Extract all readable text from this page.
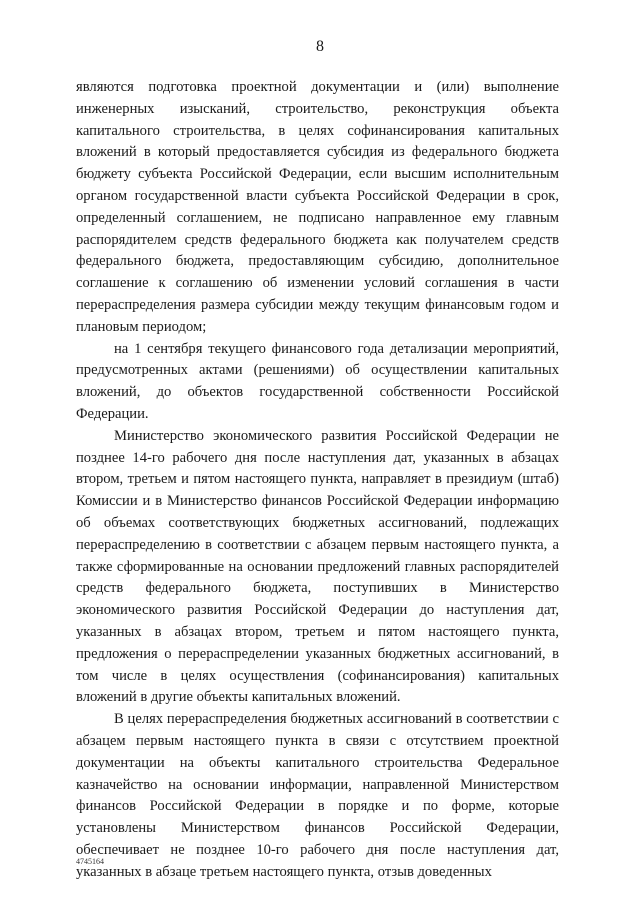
8

являются подготовка проектной документации и (или) выполнение инженерных изысканий, строительство, реконструкция объекта капитального строительства, в целях софинансирования капитальных вложений в который предоставляется субсидия из федерального бюджета бюджету субъекта Российской Федерации, если высшим исполнительным органом государственной власти субъекта Российской Федерации в срок, определенный соглашением, не подписано направленное ему главным распорядителем средств федерального бюджета как получателем средств федерального бюджета, предоставляющим субсидию, дополнительное соглашение к соглашению об изменении условий соглашения в части перераспределения размера субсидии между текущим финансовым годом и плановым периодом;

на 1 сентября текущего финансового года детализации мероприятий, предусмотренных актами (решениями) об осуществлении капитальных вложений, до объектов государственной собственности Российской Федерации.

Министерство экономического развития Российской Федерации не позднее 14-го рабочего дня после наступления дат, указанных в абзацах втором, третьем и пятом настоящего пункта, направляет в президиум (штаб) Комиссии и в Министерство финансов Российской Федерации информацию об объемах соответствующих бюджетных ассигнований, подлежащих перераспределению в соответствии с абзацем первым настоящего пункта, а также сформированные на основании предложений главных распорядителей средств федерального бюджета, поступивших в Министерство экономического развития Российской Федерации до наступления дат, указанных в абзацах втором, третьем и пятом настоящего пункта, предложения о перераспределении указанных бюджетных ассигнований, в том числе в целях осуществления (софинансирования) капитальных вложений в другие объекты капитальных вложений.

В целях перераспределения бюджетных ассигнований в соответствии с абзацем первым настоящего пункта в связи с отсутствием проектной документации на объекты капитального строительства Федеральное казначейство на основании информации, направленной Министерством финансов Российской Федерации в порядке и по форме, которые установлены Министерством финансов Российской Федерации, обеспечивает не позднее 10-го рабочего дня после наступления дат, указанных в абзаце третьем настоящего пункта, отзыв доведенных

4745164
